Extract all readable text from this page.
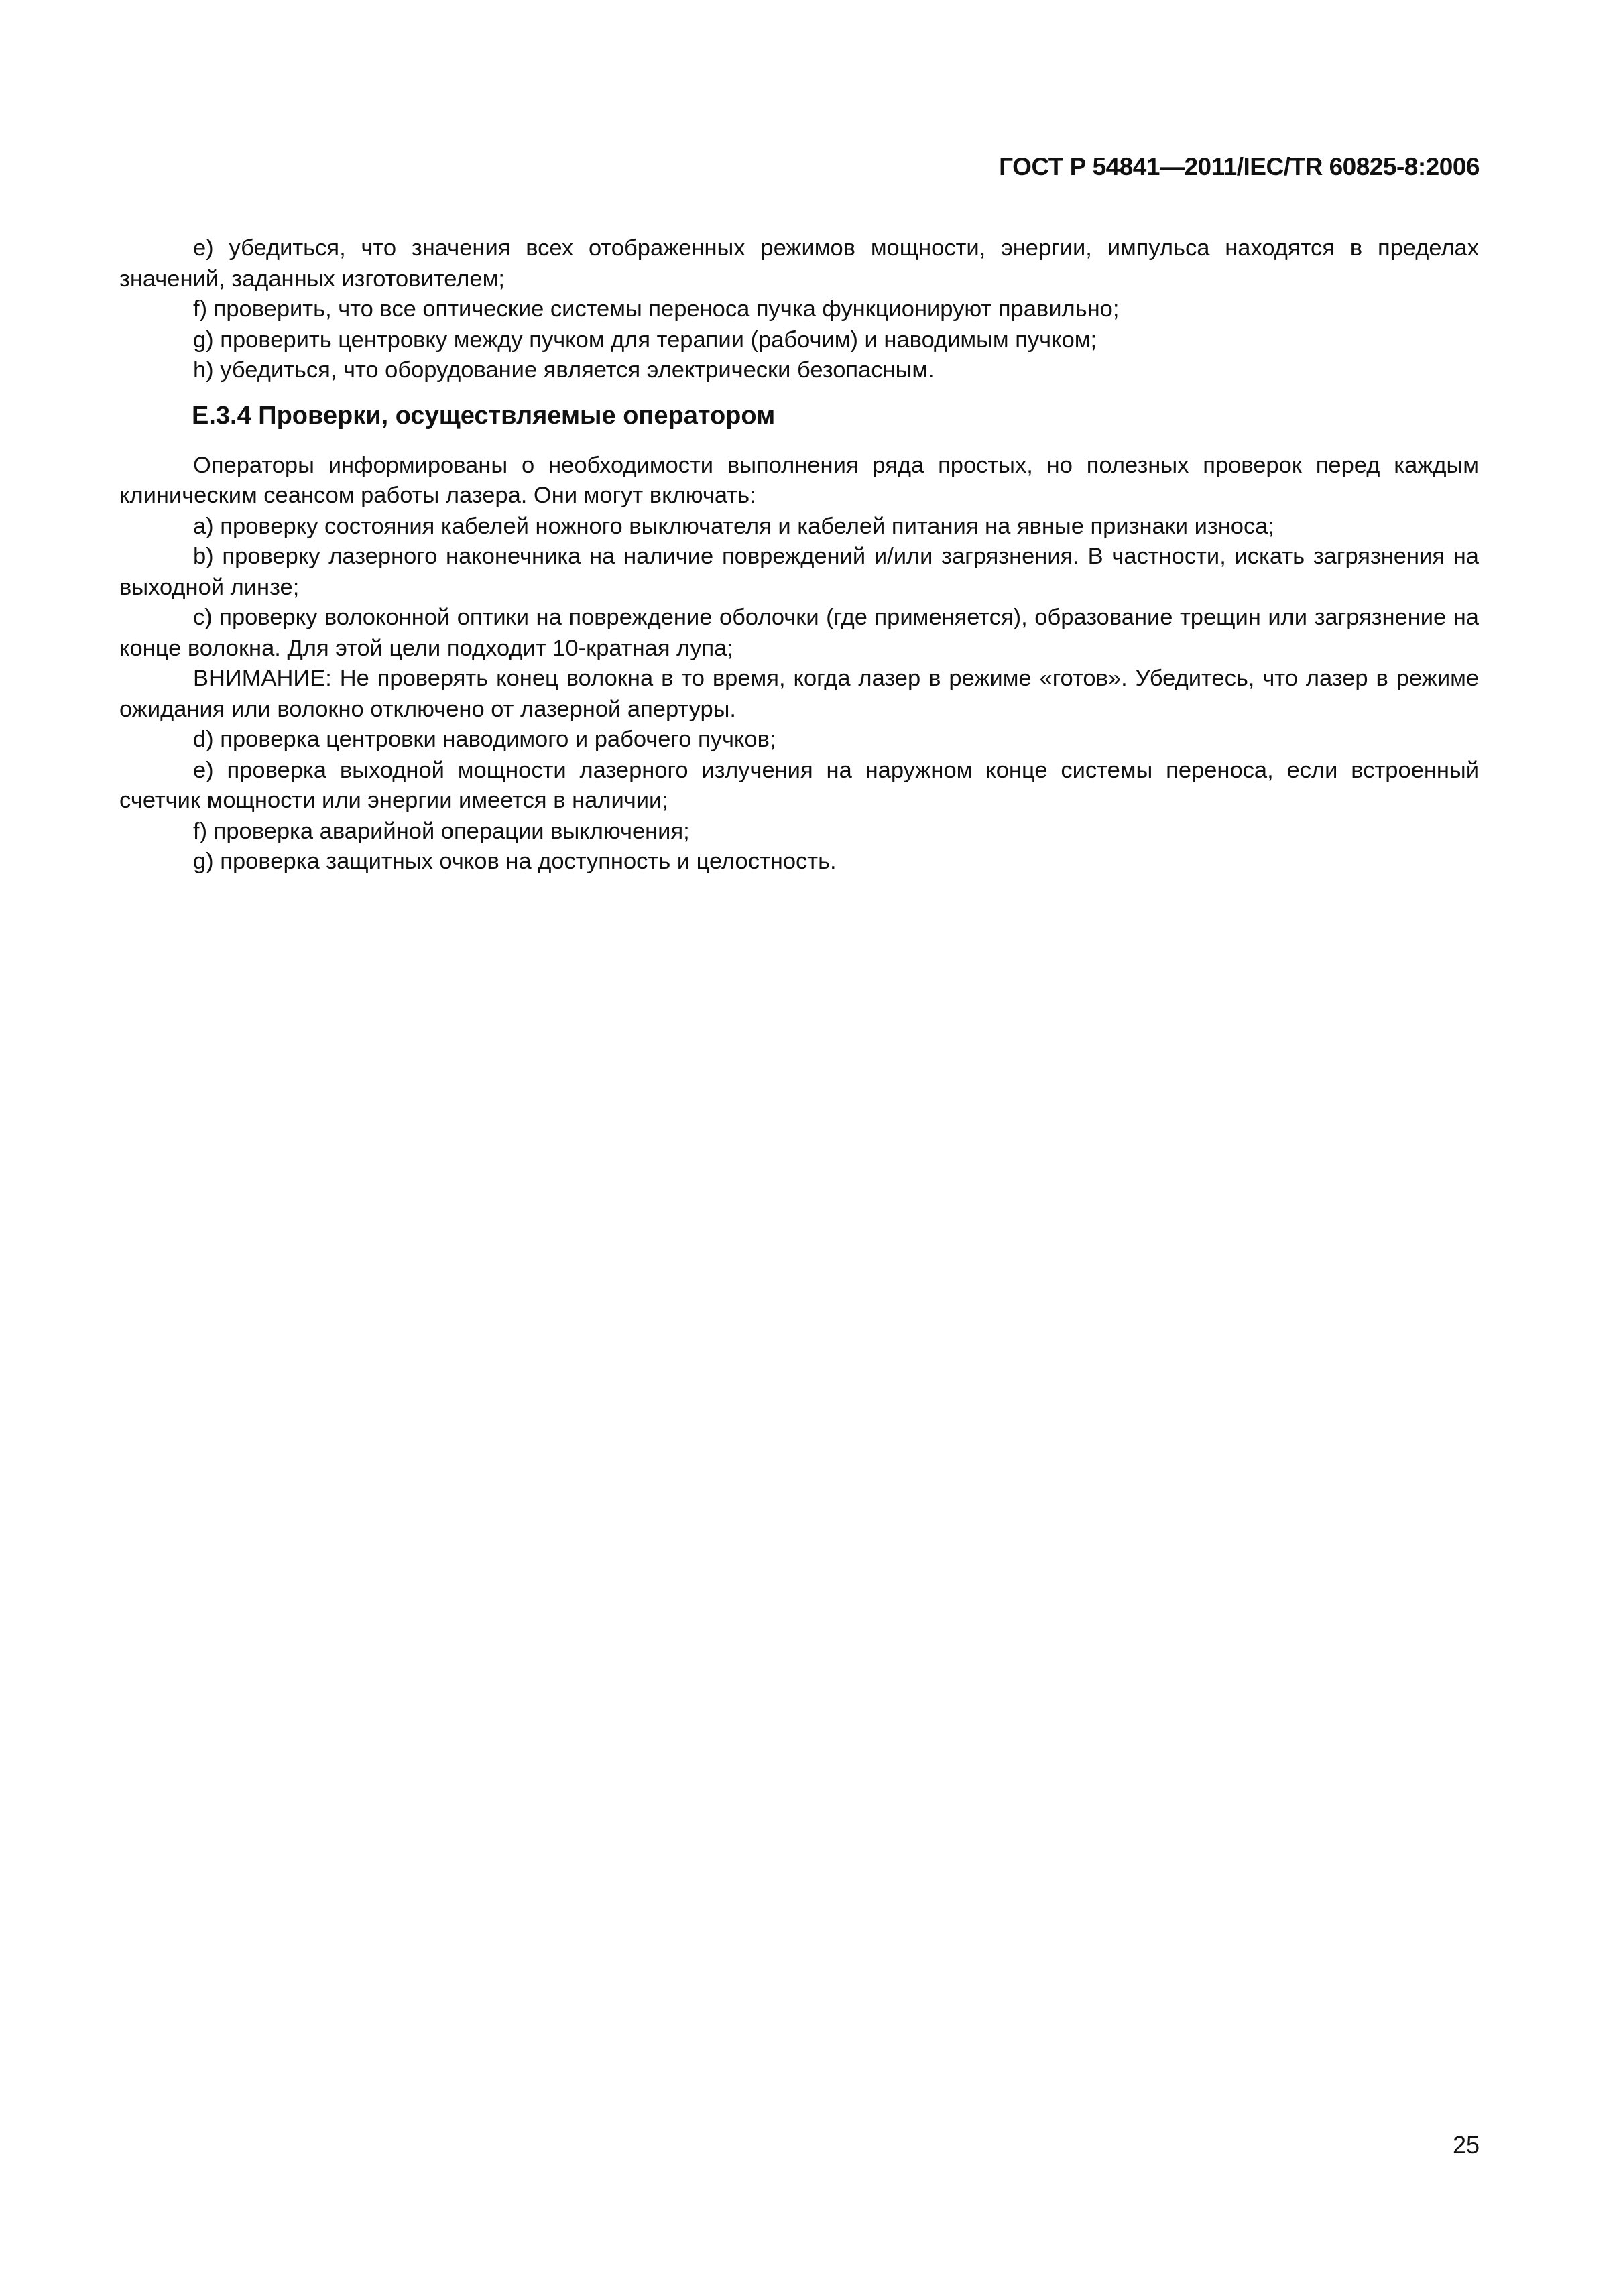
ГОСТ Р 54841—2011/IEC/TR 60825-8:2006

e) убедиться, что значения всех отображенных режимов мощности, энергии, импульса находятся в пределах значений, заданных изготовителем;

f) проверить, что все оптические системы переноса пучка функционируют правильно;

g) проверить центровку между пучком для терапии (рабочим) и наводимым пучком;

h) убедиться, что оборудование является электрически безопасным.

E.3.4 Проверки, осуществляемые оператором

Операторы информированы о необходимости выполнения ряда простых, но полезных проверок перед каждым клиническим сеансом работы лазера. Они могут включать:

a) проверку состояния кабелей ножного выключателя и кабелей питания на явные признаки износа;

b) проверку лазерного наконечника на наличие повреждений и/или загрязнения. В частности, искать загрязнения на выходной линзе;

c) проверку волоконной оптики на повреждение оболочки (где применяется), образование трещин или загрязнение на конце волокна. Для этой цели подходит 10-кратная лупа;

ВНИМАНИЕ: Не проверять конец волокна в то время, когда лазер в режиме «готов». Убедитесь, что лазер в режиме ожидания или волокно отключено от лазерной апертуры.

d) проверка центровки наводимого и рабочего пучков;

e) проверка выходной мощности лазерного излучения на наружном конце системы переноса, если встроенный счетчик мощности или энергии имеется в наличии;

f) проверка аварийной операции выключения;

g) проверка защитных очков на доступность и целостность.

25
